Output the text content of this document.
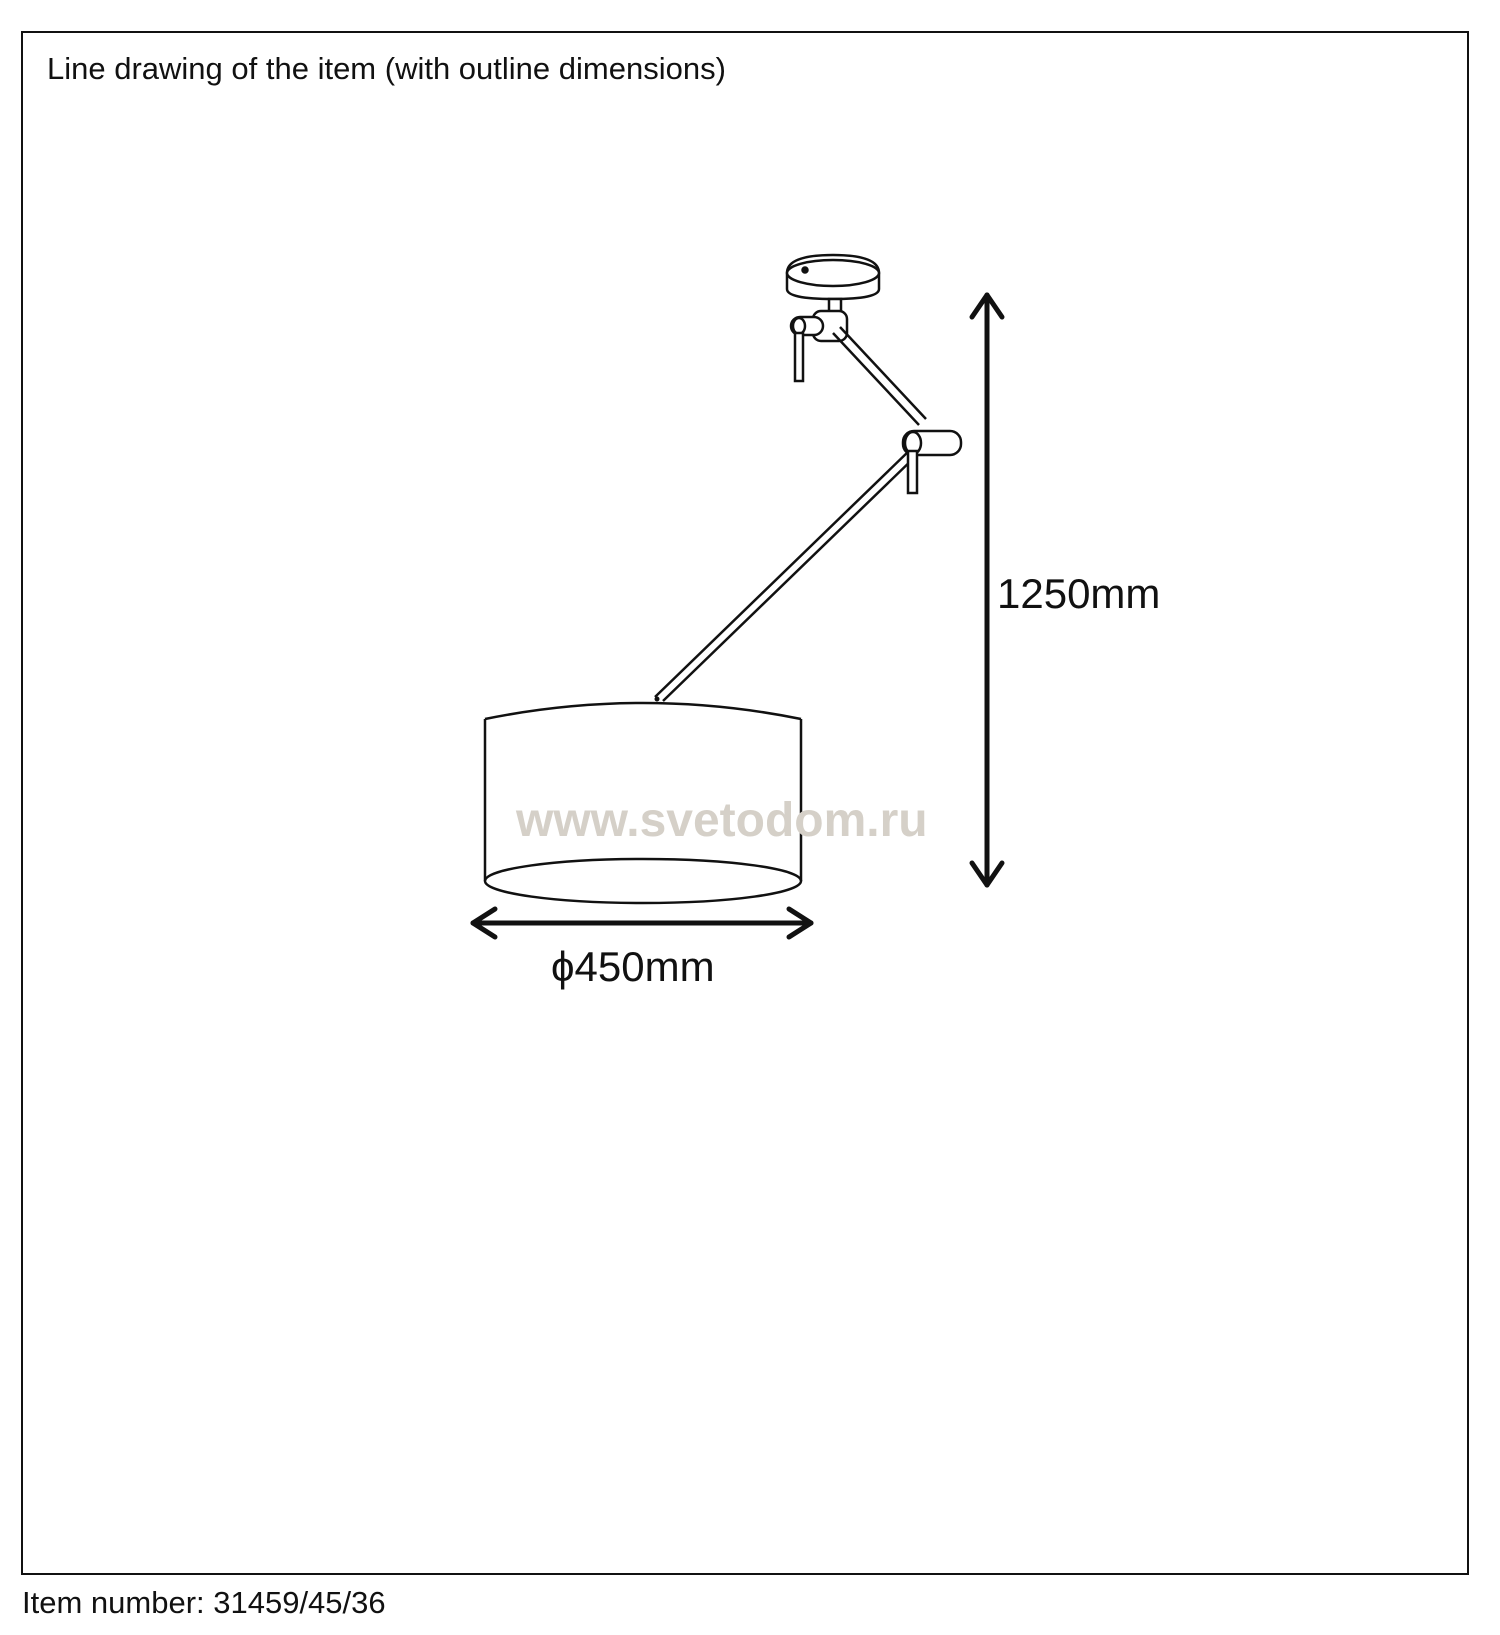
Line drawing of the item (with outline dimensions)
www.svetodom.ru
1250mm
ϕ450mm
Item number: 31459/45/36
